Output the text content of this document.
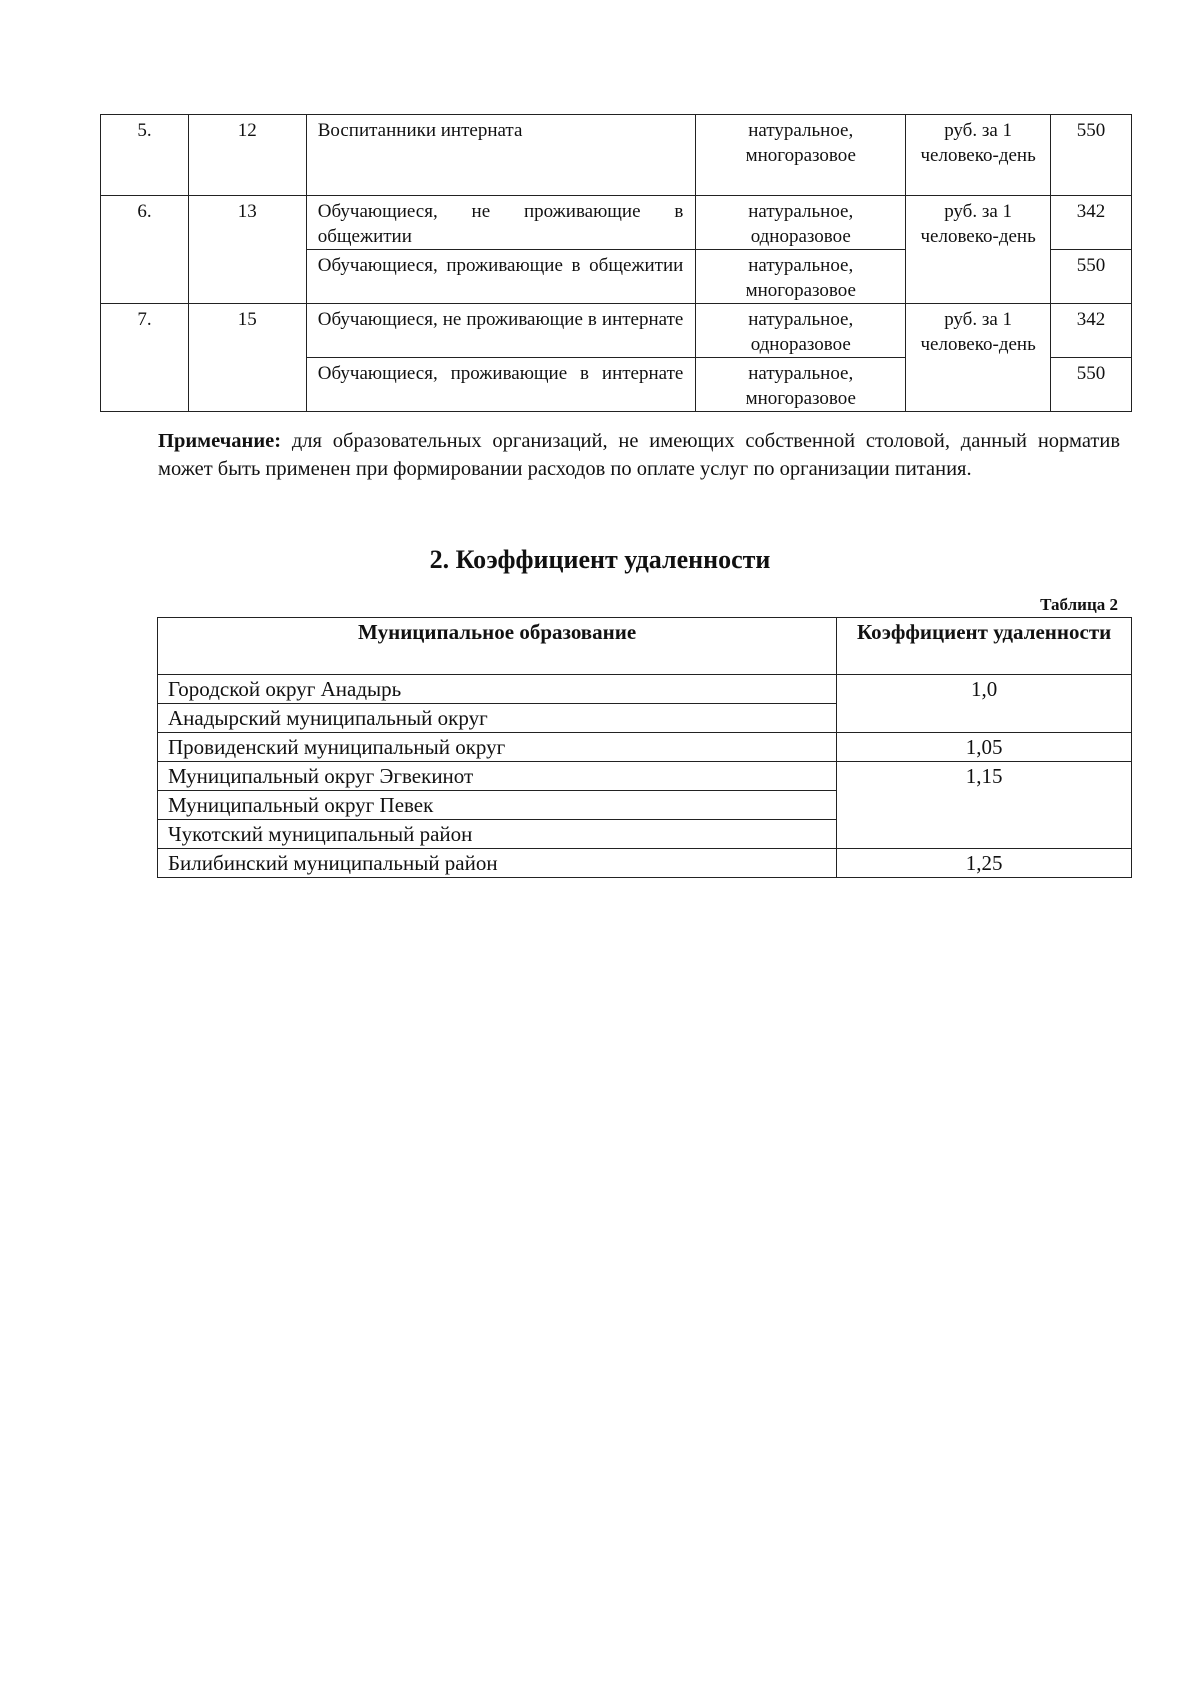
5.	12	Воспитанники интерната	натуральное, многоразовое	руб. за 1 человеко-день	550
6.	13	Обучающиеся, не проживающие в общежитии	натуральное, одноразовое	руб. за 1 человеко-день	342
		Обучающиеся, проживающие в общежитии	натуральное, многоразовое		550
7.	15	Обучающиеся, не проживающие в интернате	натуральное, одноразовое	руб. за 1 человеко-день	342
		Обучающиеся, проживающие в интернате	натуральное, многоразовое		550

Примечание: для образовательных организаций, не имеющих собственной столовой, данный норматив может быть применен при формировании расходов по оплате услуг по организации питания.

2. Коэффициент удаленности
Таблица 2
Муниципальное образование	Коэффициент удаленности
Городской округ Анадырь	1,0
Анадырский муниципальный округ	
Провиденский муниципальный округ	1,05
Муниципальный округ Эгвекинот	1,15
Муниципальный округ Певек	
Чукотский муниципальный район	
Билибинский муниципальный район	1,25
